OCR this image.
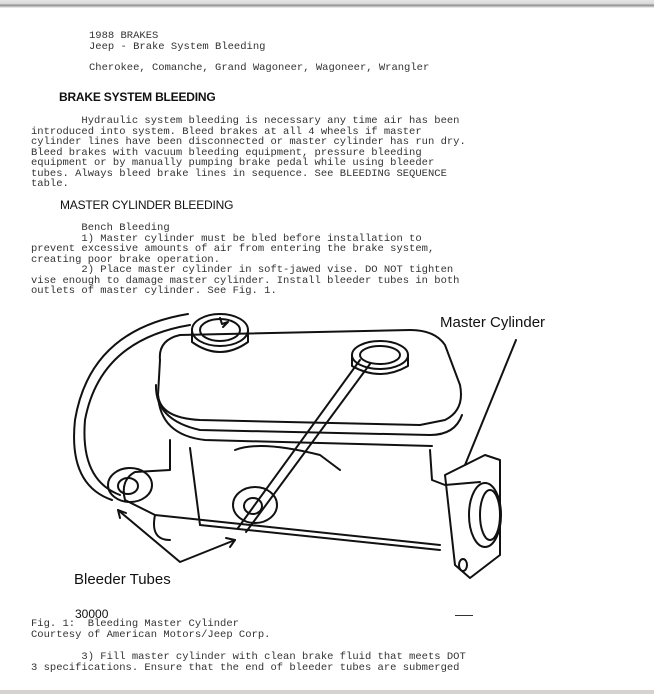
1988 BRAKES
Jeep - Brake System Bleeding
Cherokee, Comanche, Grand Wagoneer, Wagoneer, Wrangler
BRAKE SYSTEM BLEEDING
Hydraulic system bleeding is necessary any time air has been
introduced into system. Bleed brakes at all 4 wheels if master
cylinder lines have been disconnected or master cylinder has run dry.
Bleed brakes with vacuum bleeding equipment, pressure bleeding
equipment or by manually pumping brake pedal while using bleeder
tubes. Always bleed brake lines in sequence. See BLEEDING SEQUENCE
table.
MASTER CYLINDER BLEEDING
Bench Bleeding
1) Master cylinder must be bled before installation to
prevent excessive amounts of air from entering the brake system,
creating poor brake operation.
2) Place master cylinder in soft-jawed vise. DO NOT tighten
vise enough to damage master cylinder. Install bleeder tubes in both
outlets of master cylinder. See Fig. 1.
Master Cylinder
Bleeder Tubes
30000
Fig. 1:  Bleeding Master Cylinder
Courtesy of American Motors/Jeep Corp.
3) Fill master cylinder with clean brake fluid that meets DOT
3 specifications. Ensure that the end of bleeder tubes are submerged
